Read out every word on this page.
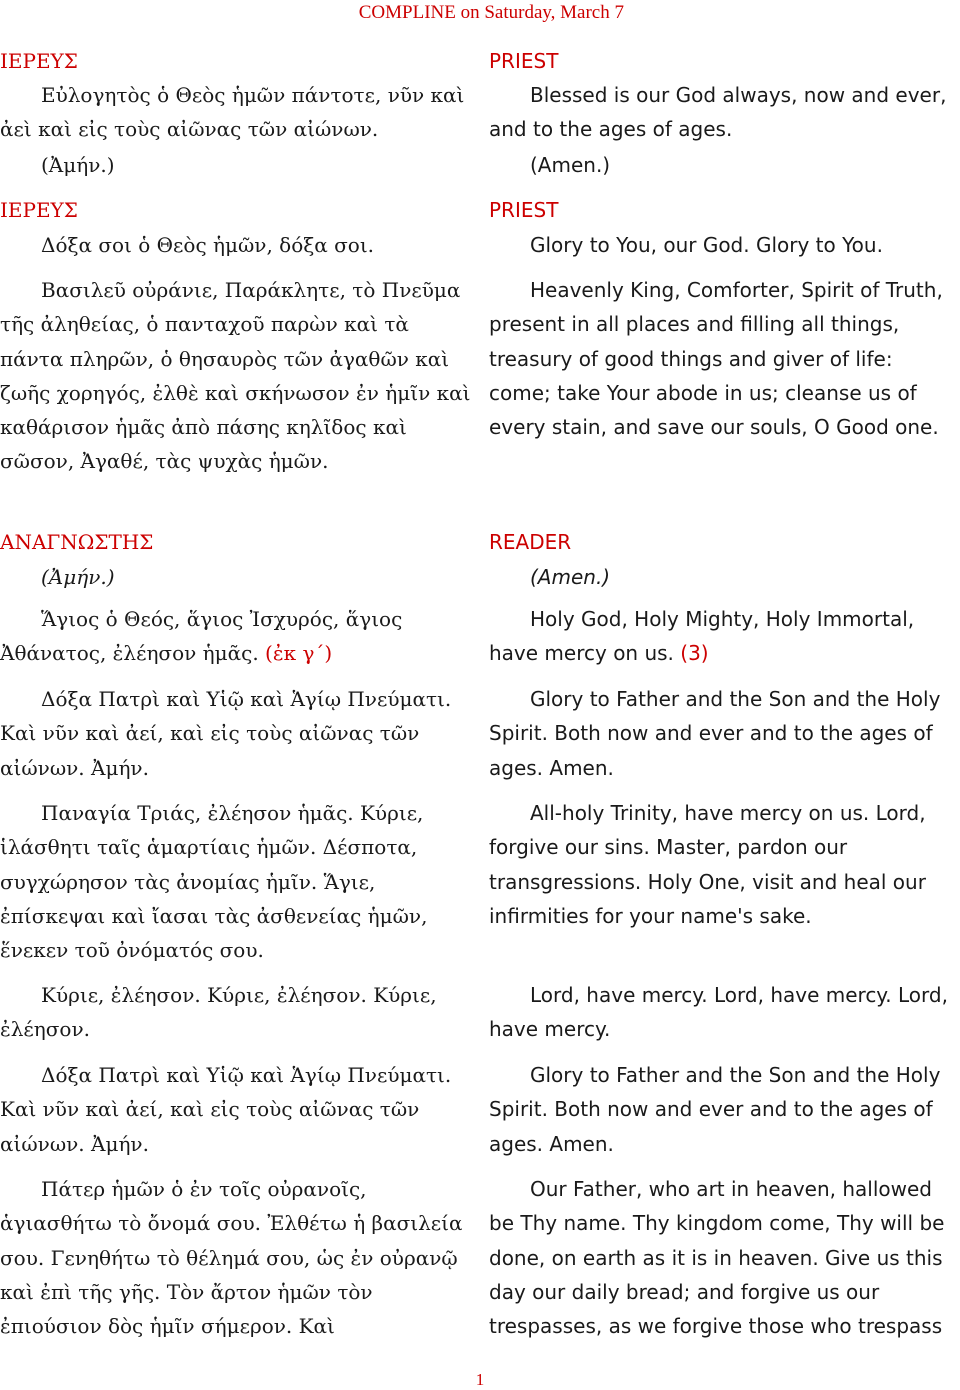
COMPLINE on Saturday, March 7
ΙΕΡΕΥΣ
Εὐλογητὸς ὁ Θεὸς ἡμῶν πάντοτε, νῦν καὶ ἀεὶ καὶ εἰς τοὺς αἰῶνας τῶν αἰώνων.
(Ἀμήν.)
ΙΕΡΕΥΣ
Δόξα σοι ὁ Θεὸς ἡμῶν, δόξα σοι.
Βασιλεῦ οὐράνιε, Παράκλητε, τὸ Πνεῦμα τῆς ἀληθείας, ὁ πανταχοῦ παρὼν καὶ τὰ πάντα πληρῶν, ὁ θησαυρὸς τῶν ἀγαθῶν καὶ ζωῆς χορηγός, ἐλθὲ καὶ σκήνωσον ἐν ἡμῖν καὶ καθάρισον ἡμᾶς ἀπὸ πάσης κηλῖδος καὶ σῶσον, Ἀγαθέ, τὰς ψυχὰς ἡμῶν.
ΑΝΑΓΝΩΣΤΗΣ
(Ἀμήν.)
Ἅγιος ὁ Θεός, ἅγιος Ἰσχυρός, ἅγιος Ἀθάνατος, ἐλέησον ἡμᾶς. (ἐκ γ΄)
Δόξα Πατρὶ καὶ Υἱῷ καὶ Ἁγίῳ Πνεύματι. Καὶ νῦν καὶ ἀεί, καὶ εἰς τοὺς αἰῶνας τῶν αἰώνων. Ἀμήν.
Παναγία Τριάς, ἐλέησον ἡμᾶς. Κύριε, ἱλάσθητι ταῖς ἁμαρτίαις ἡμῶν. Δέσποτα, συγχώρησον τὰς ἀνομίας ἡμῖν. Ἅγιε, ἐπίσκεψαι καὶ ἴασαι τὰς ἀσθενείας ἡμῶν, ἕνεκεν τοῦ ὀνόματός σου.
Κύριε, ἐλέησον. Κύριε, ἐλέησον. Κύριε, ἐλέησον.
Δόξα Πατρὶ καὶ Υἱῷ καὶ Ἁγίῳ Πνεύματι. Καὶ νῦν καὶ ἀεί, καὶ εἰς τοὺς αἰῶνας τῶν αἰώνων. Ἀμήν.
Πάτερ ἡμῶν ὁ ἐν τοῖς οὐρανοῖς, ἁγιασθήτω τὸ ὄνομά σου. Ἐλθέτω ἡ βασιλεία σου. Γενηθήτω τὸ θέλημά σου, ὡς ἐν οὐρανῷ καὶ ἐπὶ τῆς γῆς. Τὸν ἄρτον ἡμῶν τὸν ἐπιούσιον δὸς ἡμῖν σήμερον. Καὶ
PRIEST
Blessed is our God always, now and ever, and to the ages of ages.
(Amen.)
PRIEST
Glory to You, our God. Glory to You.
Heavenly King, Comforter, Spirit of Truth, present in all places and filling all things, treasury of good things and giver of life: come; take Your abode in us; cleanse us of every stain, and save our souls, O Good one.
READER
(Amen.)
Holy God, Holy Mighty, Holy Immortal, have mercy on us. (3)
Glory to Father and the Son and the Holy Spirit. Both now and ever and to the ages of ages. Amen.
All-holy Trinity, have mercy on us. Lord, forgive our sins. Master, pardon our transgressions. Holy One, visit and heal our infirmities for your name's sake.
Lord, have mercy. Lord, have mercy. Lord, have mercy.
Glory to Father and the Son and the Holy Spirit. Both now and ever and to the ages of ages. Amen.
Our Father, who art in heaven, hallowed be Thy name. Thy kingdom come, Thy will be done, on earth as it is in heaven. Give us this day our daily bread; and forgive us our trespasses, as we forgive those who trespass
1
